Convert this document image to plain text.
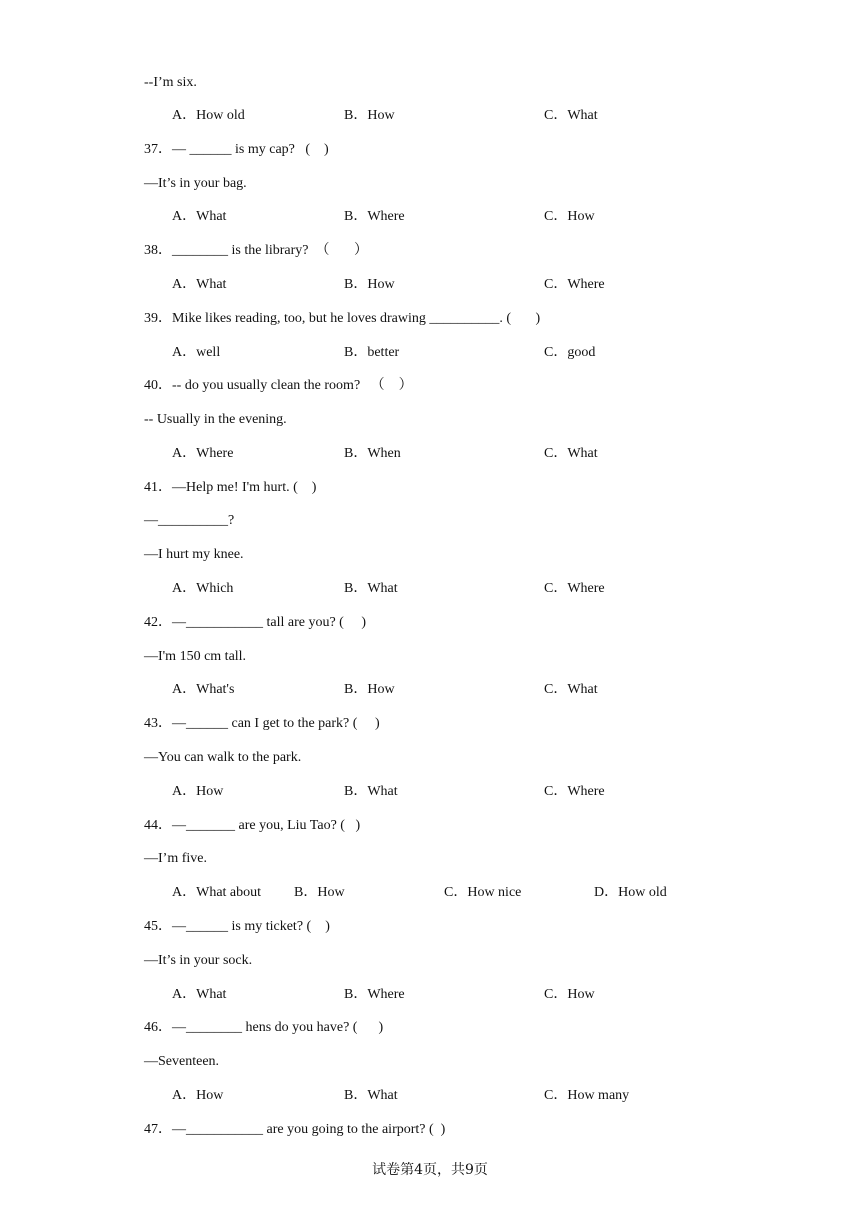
--I’m six.
A．How old	B．How	C．What
37．— ______ is my cap?   (    )
—It’s in your bag.
A．What	B．Where	C．How
38．________ is the library?  （       ）
A．What	B．How	C．Where
39．Mike likes reading, too, but he loves drawing __________. (       )
A．well	B．better	C．good
40．-- do you usually clean the room?   （    ）
-- Usually in the evening.
A．Where	B．When	C．What
41．—Help me! I'm hurt. (    )
—__________?
—I hurt my knee.
A．Which	B．What	C．Where
42．—___________ tall are you? (     )
—I'm 150 cm tall.
A．What's	B．How	C．What
43．—______ can I get to the park? (     )
—You can walk to the park.
A．How	B．What	C．Where
44．—_______ are you, Liu Tao? (   )
—I’m five.
A．What about B．How	C．How nice	D．How old
45．—______ is my ticket? (    )
—It’s in your sock.
A．What	B．Where	C．How
46．—________ hens do you have? (      )
—Seventeen.
A．How	B．What	C．How many
47．—___________ are you going to the airport? (  )
试卷第4页，共9页
